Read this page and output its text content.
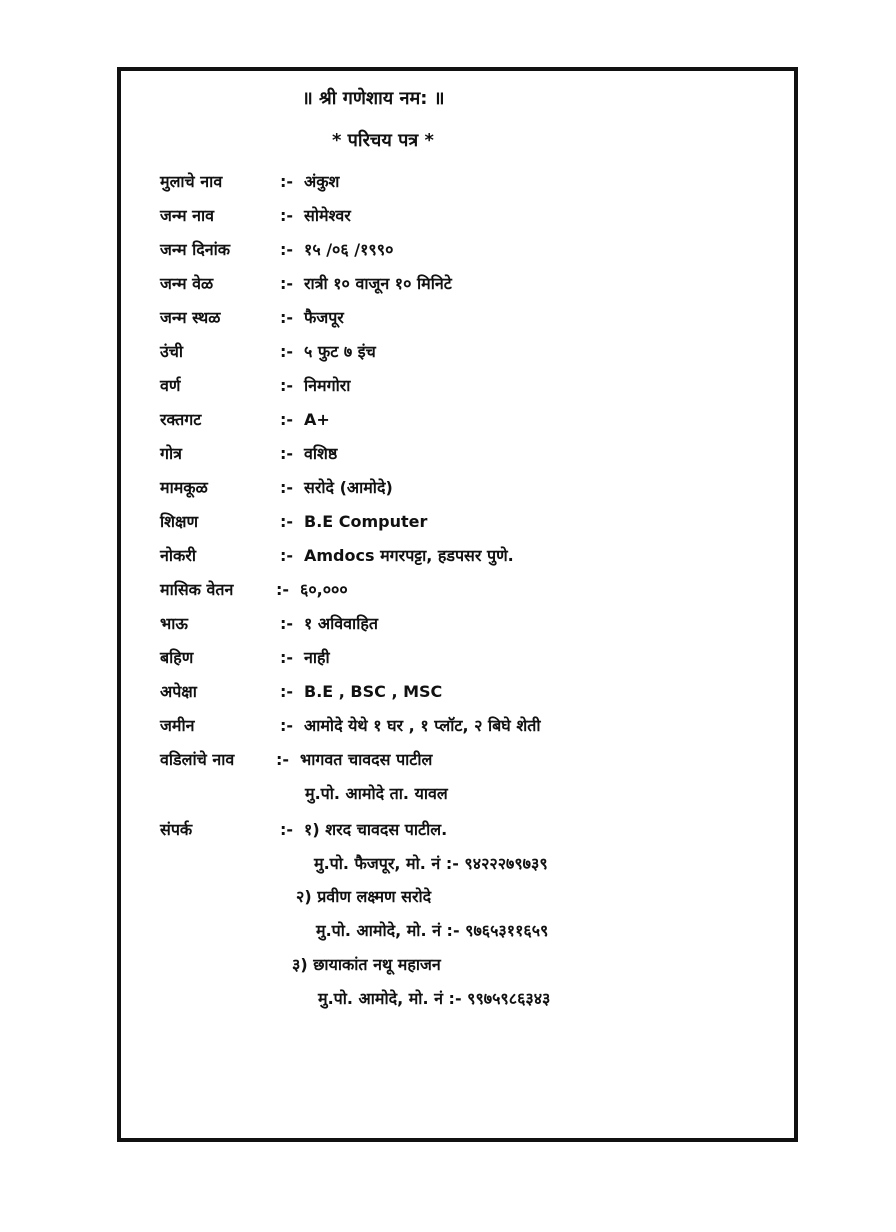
॥ श्री गणेशाय नम: ॥
* परिचय पत्र *
मुलाचे नाव	:- अंकुश
जन्म नाव	:- सोमेश्वर
जन्म दिनांक	:- १५ /०६ /१९९०
जन्म वेळ	:- रात्री १० वाजून १० मिनिटे
जन्म स्थळ	:- फैजपूर
उंची	:- ५ फुट ७ इंच
वर्ण	:- निमगोरा
रक्तगट	:- A+
गोत्र	:- वशिष्ठ
मामकूळ	:- सरोदे (आमोदे)
शिक्षण	:- B.E Computer
नोकरी	:- Amdocs मगरपट्टा, हडपसर पुणे.
मासिक वेतन	:- ६०,०००
भाऊ	:- १ अविवाहित
बहिण	:- नाही
अपेक्षा	:- B.E , BSC , MSC
जमीन	:- आमोदे येथे १ घर , १ प्लॉट, २ बिघे शेती
वडिलांचे नाव	:- भागवत चावदस पाटील
मु.पो. आमोदे ता. यावल
संपर्क	:- १) शरद चावदस पाटील.
मु.पो. फैजपूर, मो. नं :- ९४२२२७९७३९
२) प्रवीण लक्ष्मण सरोदे
मु.पो. आमोदे, मो. नं :- ९७६५३११६५९
३) छायाकांत नथू महाजन
मु.पो. आमोदे, मो. नं :- ९९७५९८६३४३
